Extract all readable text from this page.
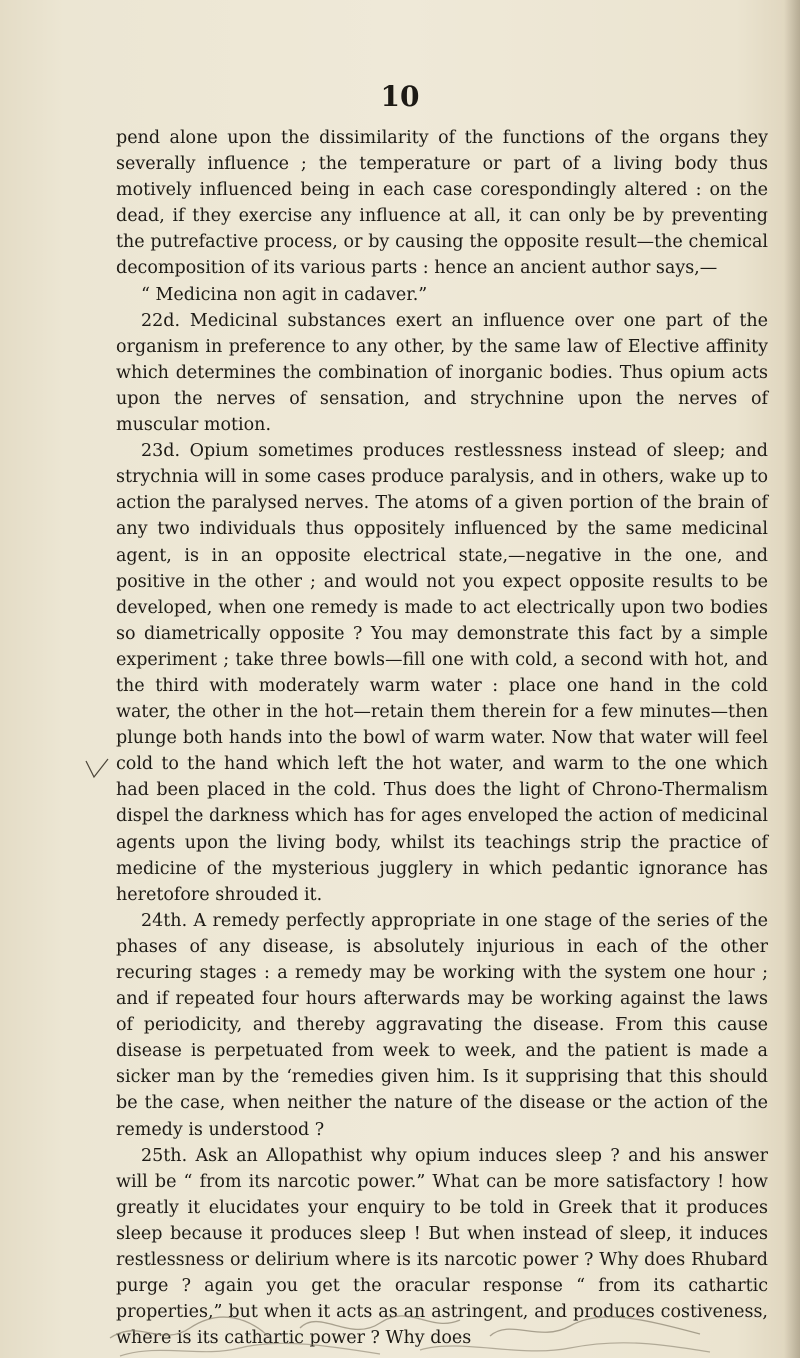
10

pend alone upon the dissimilarity of the functions of the organs they severally influence ; the temperature or part of a living body thus motively influenced being in each case corespondingly altered : on the dead, if they exercise any influence at all, it can only be by preventing the putrefactive process, or by causing the opposite result—the chemical decomposition of its various parts : hence an ancient author says,—

“ Medicina non agit in cadaver.”

22d. Medicinal substances exert an influence over one part of the organism in preference to any other, by the same law of Elective affinity which determines the combination of inorganic bodies. Thus opium acts upon the nerves of sensation, and strychnine upon the nerves of muscular motion.

23d. Opium sometimes produces restlessness instead of sleep; and strychnia will in some cases produce paralysis, and in others, wake up to action the paralysed nerves. The atoms of a given portion of the brain of any two individuals thus oppositely influenced by the same medicinal agent, is in an opposite electrical state,—negative in the one, and positive in the other ; and would not you expect opposite results to be developed, when one remedy is made to act electrically upon two bodies so diametrically opposite ? You may demonstrate this fact by a simple experiment ; take three bowls—fill one with cold, a second with hot, and the third with moderately warm water : place one hand in the cold water, the other in the hot—retain them therein for a few minutes—then plunge both hands into the bowl of warm water. Now that water will feel cold to the hand which left the hot water, and warm to the one which had been placed in the cold. Thus does the light of Chrono-Thermalism dispel the darkness which has for ages enveloped the action of medicinal agents upon the living body, whilst its teachings strip the practice of medicine of the mysterious jugglery in which pedantic ignorance has heretofore shrouded it.

24th. A remedy perfectly appropriate in one stage of the series of the phases of any disease, is absolutely injurious in each of the other recuring stages : a remedy may be working with the system one hour ; and if repeated four hours afterwards may be working against the laws of periodicity, and thereby aggravating the disease. From this cause disease is perpetuated from week to week, and the patient is made a sicker man by the ‘remedies given him. Is it supprising that this should be the case, when neither the nature of the disease or the action of the remedy is understood ?

25th. Ask an Allopathist why opium induces sleep ? and his answer will be “ from its narcotic power.” What can be more satisfactory ! how greatly it elucidates your enquiry to be told in Greek that it produces sleep because it produces sleep ! But when instead of sleep, it induces restlessness or delirium where is its narcotic power ? Why does Rhubard purge ? again you get the oracular response “ from its cathartic properties,” but when it acts as an astringent, and produces costiveness, where is its cathartic power ? Why does
